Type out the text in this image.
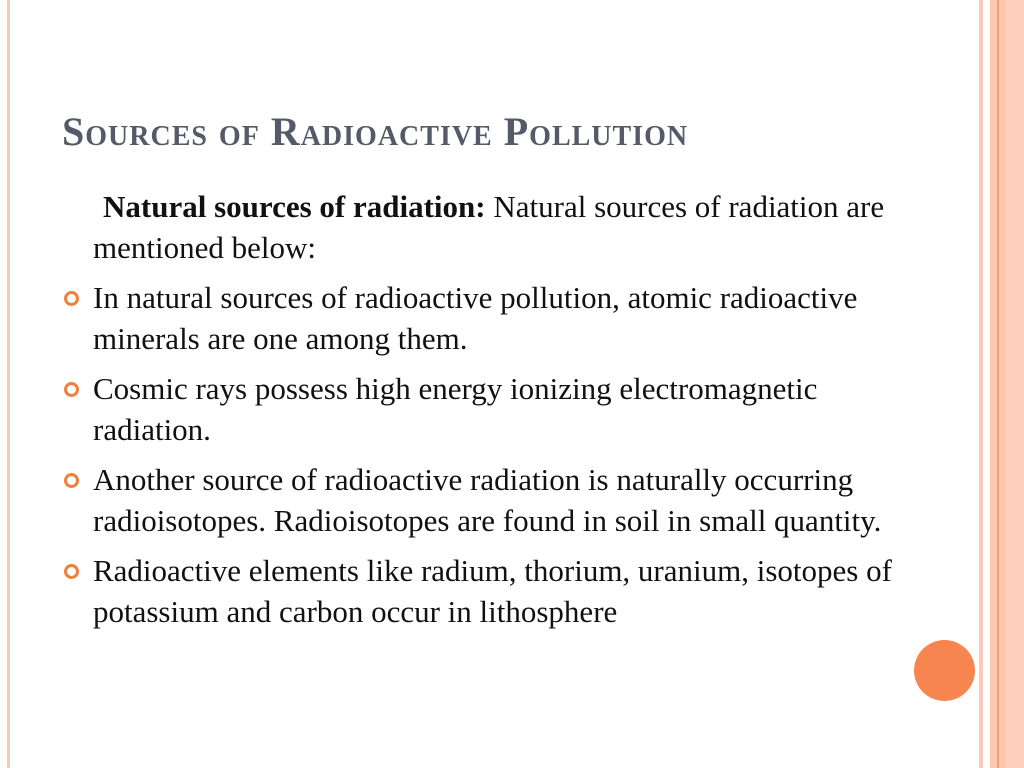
Sources of Radioactive Pollution

Natural sources of radiation: Natural sources of radiation are mentioned below:

In natural sources of radioactive pollution, atomic radioactive minerals are one among them.
Cosmic rays possess high energy ionizing electromagnetic radiation.
Another source of radioactive radiation is naturally occurring radioisotopes. Radioisotopes are found in soil in small quantity.
Radioactive elements like radium, thorium, uranium, isotopes of potassium and carbon occur in lithosphere
